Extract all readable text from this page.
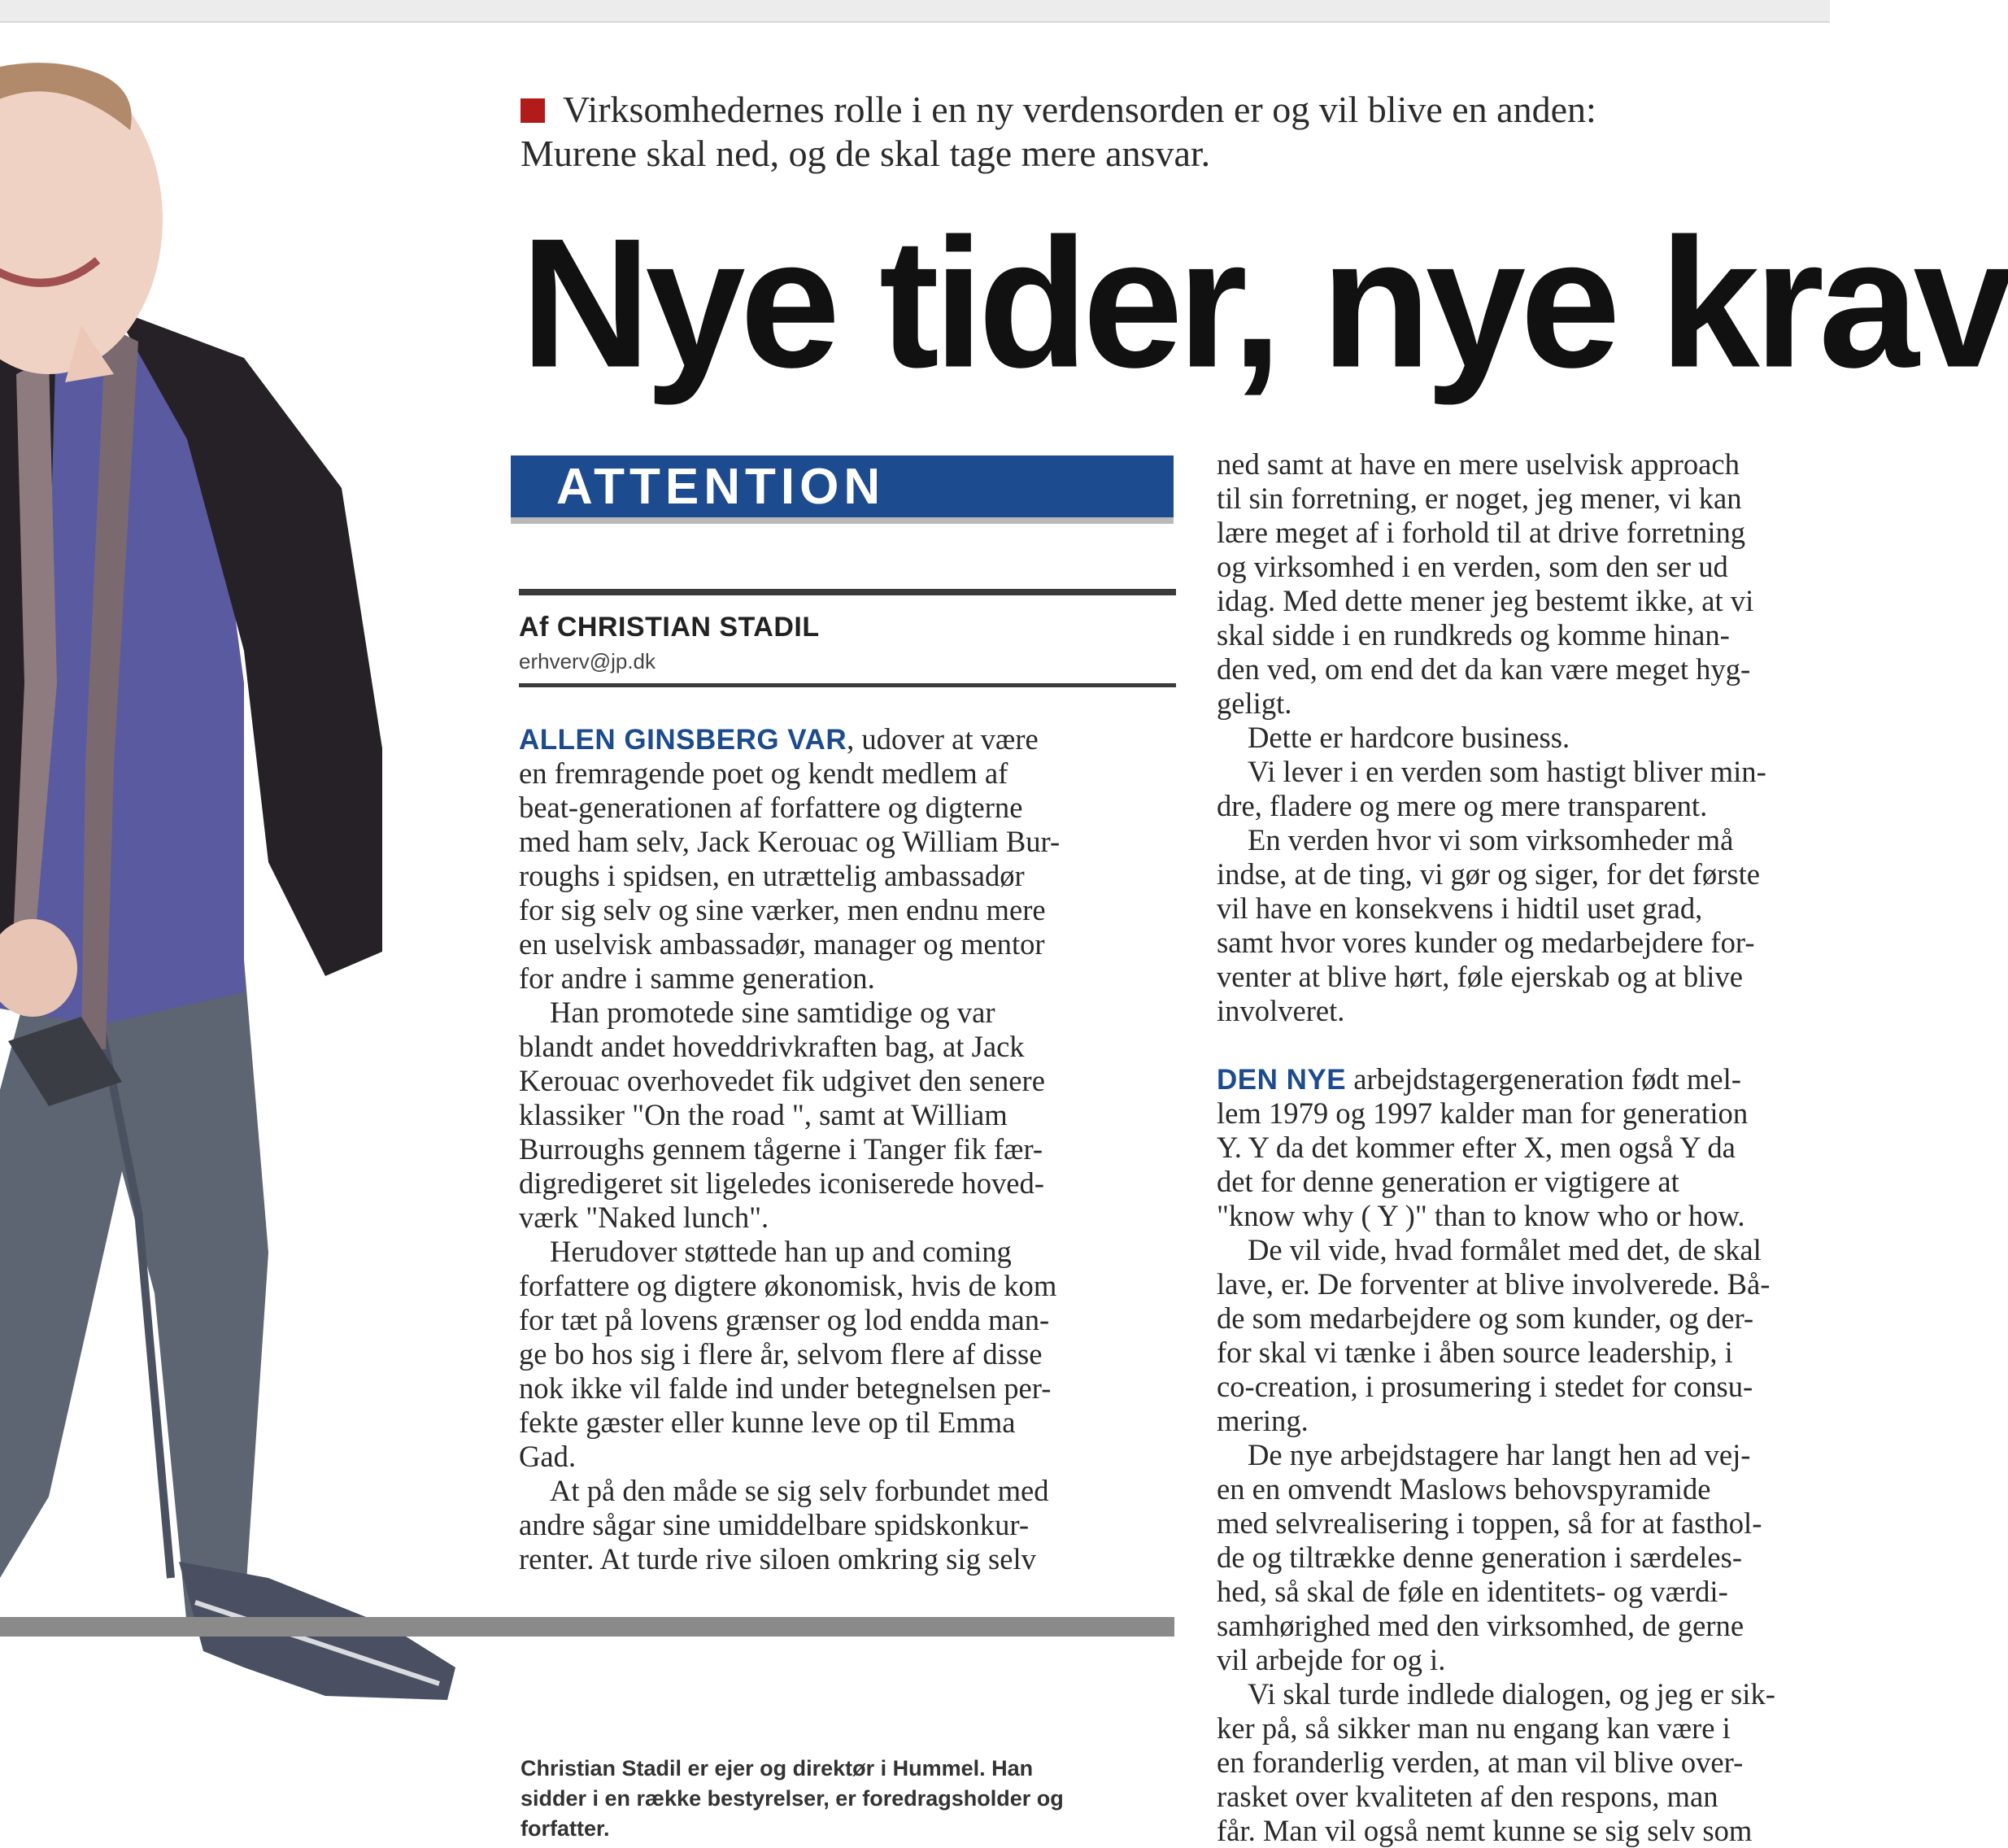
Virksomhedernes rolle i en ny verdensorden er og vil blive en anden:
Murene skal ned, og de skal tage mere ansvar.
Nye tider, nye krav
ATTENTION
Af CHRISTIAN STADIL
erhverv@jp.dk
ALLEN GINSBERG VAR, udover at være
en fremragende poet og kendt medlem af
beat-generationen af forfattere og digterne
med ham selv, Jack Kerouac og William Bur-
roughs i spidsen, en utrættelig ambassadør
for sig selv og sine værker, men endnu mere
en uselvisk ambassadør, manager og mentor
for andre i samme generation.
Han promotede sine samtidige og var
blandt andet hoveddrivkraften bag, at Jack
Kerouac overhovedet fik udgivet den senere
klassiker "On the road ", samt at William
Burroughs gennem tågerne i Tanger fik fær-
digredigeret sit ligeledes iconiserede hoved-
værk "Naked lunch".
Herudover støttede han up and coming
forfattere og digtere økonomisk, hvis de kom
for tæt på lovens grænser og lod endda man-
ge bo hos sig i flere år, selvom flere af disse
nok ikke vil falde ind under betegnelsen per-
fekte gæster eller kunne leve op til Emma
Gad.
At på den måde se sig selv forbundet med
andre sågar sine umiddelbare spidskonkur-
renter. At turde rive siloen omkring sig selv
ned samt at have en mere uselvisk approach
til sin forretning, er noget, jeg mener, vi kan
lære meget af i forhold til at drive forretning
og virksomhed i en verden, som den ser ud
idag. Med dette mener jeg bestemt ikke, at vi
skal sidde i en rundkreds og komme hinan-
den ved, om end det da kan være meget hyg-
geligt.
Dette er hardcore business.
Vi lever i en verden som hastigt bliver min-
dre, fladere og mere og mere transparent.
En verden hvor vi som virksomheder må
indse, at de ting, vi gør og siger, for det første
vil have en konsekvens i hidtil uset grad,
samt hvor vores kunder og medarbejdere for-
venter at blive hørt, føle ejerskab og at blive
involveret.
DEN NYE arbejdstagergeneration født mel-
lem 1979 og 1997 kalder man for generation
Y. Y da det kommer efter X, men også Y da
det for denne generation er vigtigere at
"know why ( Y )" than to know who or how.
De vil vide, hvad formålet med det, de skal
lave, er. De forventer at blive involverede. Bå-
de som medarbejdere og som kunder, og der-
for skal vi tænke i åben source leadership, i
co-creation, i prosumering i stedet for consu-
mering.
De nye arbejdstagere har langt hen ad vej-
en en omvendt Maslows behovspyramide
med selvrealisering i toppen, så for at fasthol-
de og tiltrække denne generation i særdeles-
hed, så skal de føle en identitets- og værdi-
samhørighed med den virksomhed, de gerne
vil arbejde for og i.
Vi skal turde indlede dialogen, og jeg er sik-
ker på, så sikker man nu engang kan være i
en foranderlig verden, at man vil blive over-
rasket over kvaliteten af den respons, man
får. Man vil også nemt kunne se sig selv som
Christian Stadil er ejer og direktør i Hummel. Han
sidder i en række bestyrelser, er foredragsholder og
forfatter.
